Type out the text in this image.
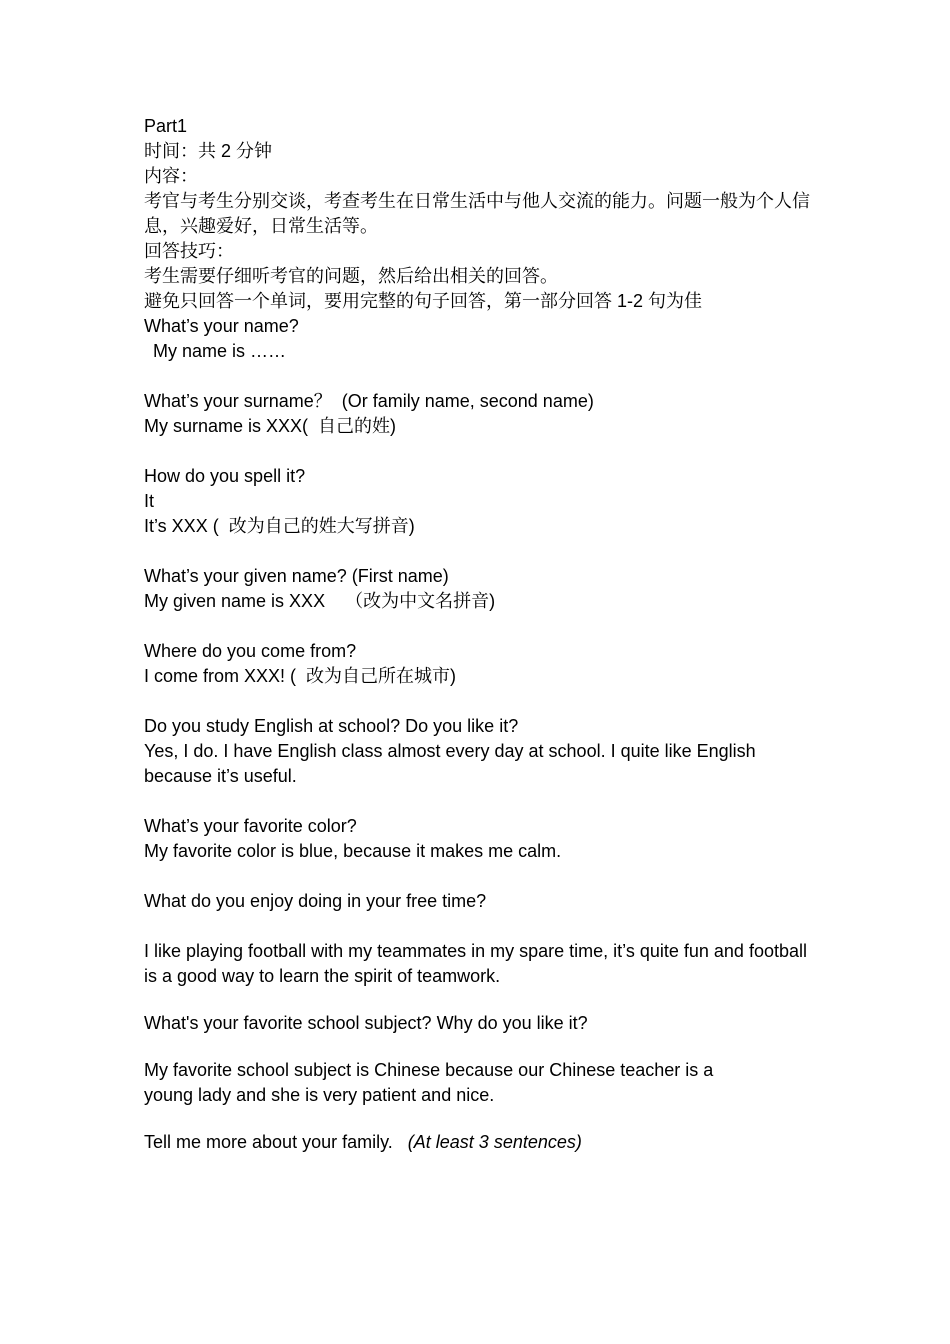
Part1
时间：共 2 分钟
内容：
考官与考生分别交谈，考查考生在日常生活中与他人交流的能力。问题一般为个人信息，兴趣爱好，日常生活等。
回答技巧：
考生需要仔细听考官的问题，然后给出相关的回答。
避免只回答一个单词，要用完整的句子回答，第一部分回答 1-2 句为佳
What’s your name?
My name is ……
What’s your surname？  (Or family name, second name)
My surname is XXX(  自己的姓)
How do you spell it?
It
It’s XXX (  改为自己的姓大写拼音)
What’s your given name? (First name)
My given name is XXX    （改为中文名拼音)
Where do you come from?
I come from XXX! (  改为自己所在城市)
Do you study English at school? Do you like it?
Yes, I do. I have English class almost every day at school. I quite like English because it’s useful.
What’s your favorite color?
My favorite color is blue, because it makes me calm.
What do you enjoy doing in your free time?
I like playing football with my teammates in my spare time, it’s quite fun and football is a good way to learn the spirit of teamwork.
What's your favorite school subject? Why do you like it?
My favorite school subject is Chinese because our Chinese teacher is a young lady and she is very patient and nice.
Tell me more about your family. (At least 3 sentences)
